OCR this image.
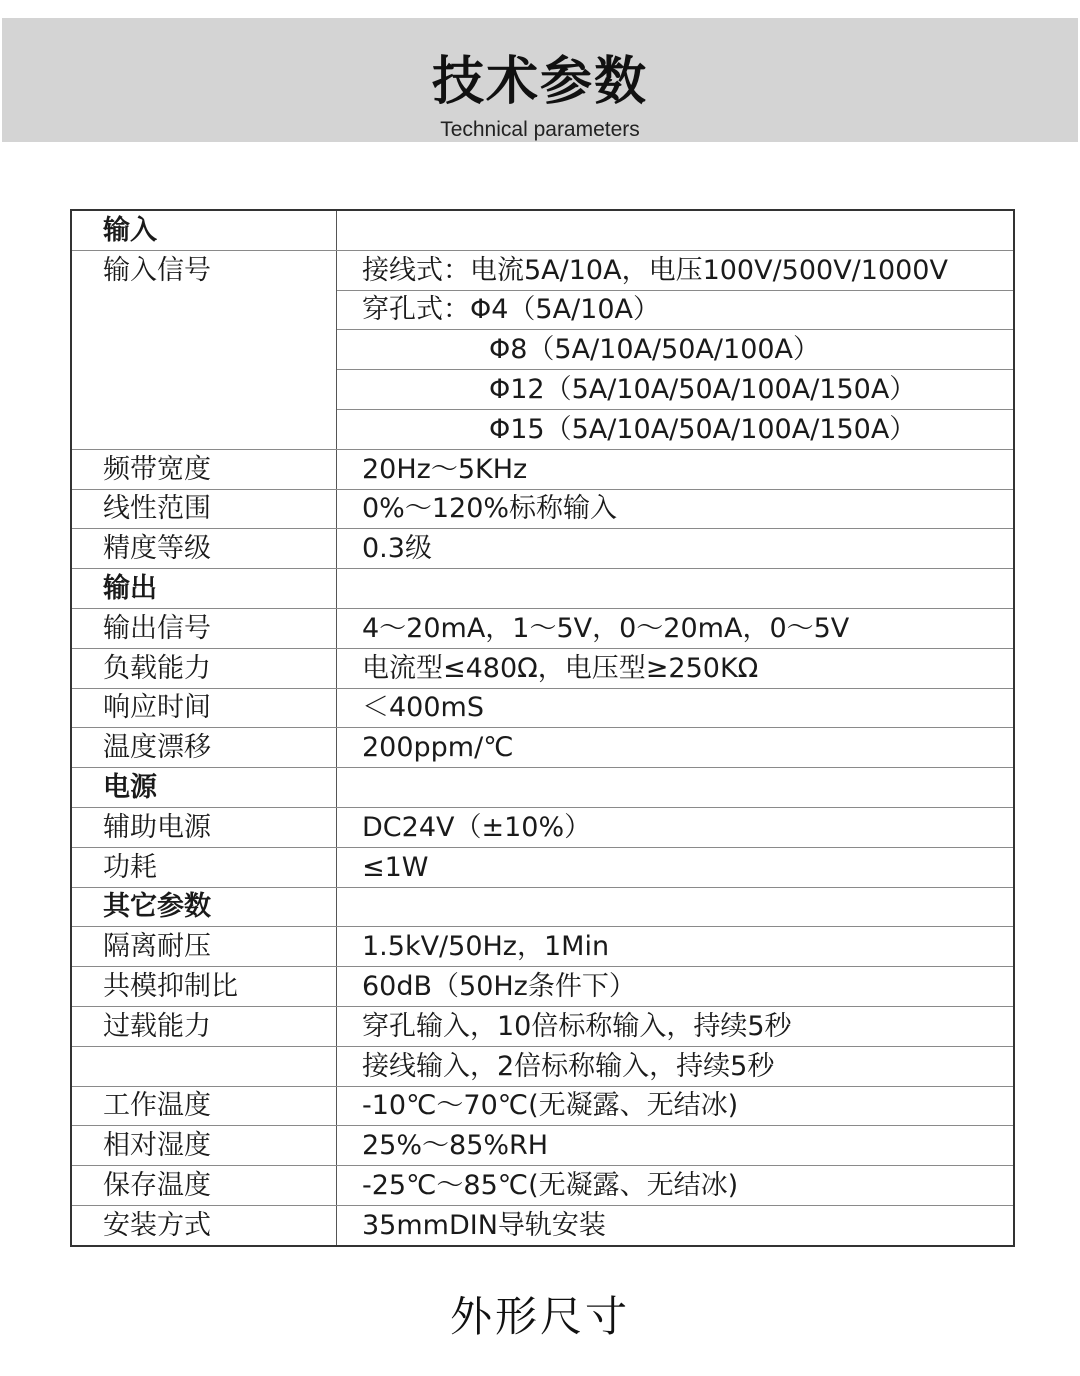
技术参数
Technical parameters
输入	
输入信号	接线式：电流5A/10A，电压100V/500V/1000V
	穿孔式：Φ4（5A/10A）
	Φ8（5A/10A/50A/100A）
	Φ12（5A/10A/50A/100A/150A）
	Φ15（5A/10A/50A/100A/150A）
频带宽度	20Hz～5KHz
线性范围	0%～120%标称输入
精度等级	0.3级
输出	
输出信号	4～20mA，1～5V，0～20mA，0～5V
负载能力	电流型≤480Ω，电压型≥250KΩ
响应时间	＜400mS
温度漂移	200ppm/℃
电源	
辅助电源	DC24V（±10%）
功耗	≤1W
其它参数	
隔离耐压	1.5kV/50Hz，1Min
共模抑制比	60dB（50Hz条件下）
过载能力	穿孔输入，10倍标称输入，持续5秒
	接线输入，2倍标称输入，持续5秒
工作温度	-10℃～70℃(无凝露、无结冰)
相对湿度	25%～85%RH
保存温度	-25℃～85℃(无凝露、无结冰)
安装方式	35mmDIN导轨安装
外形尺寸
